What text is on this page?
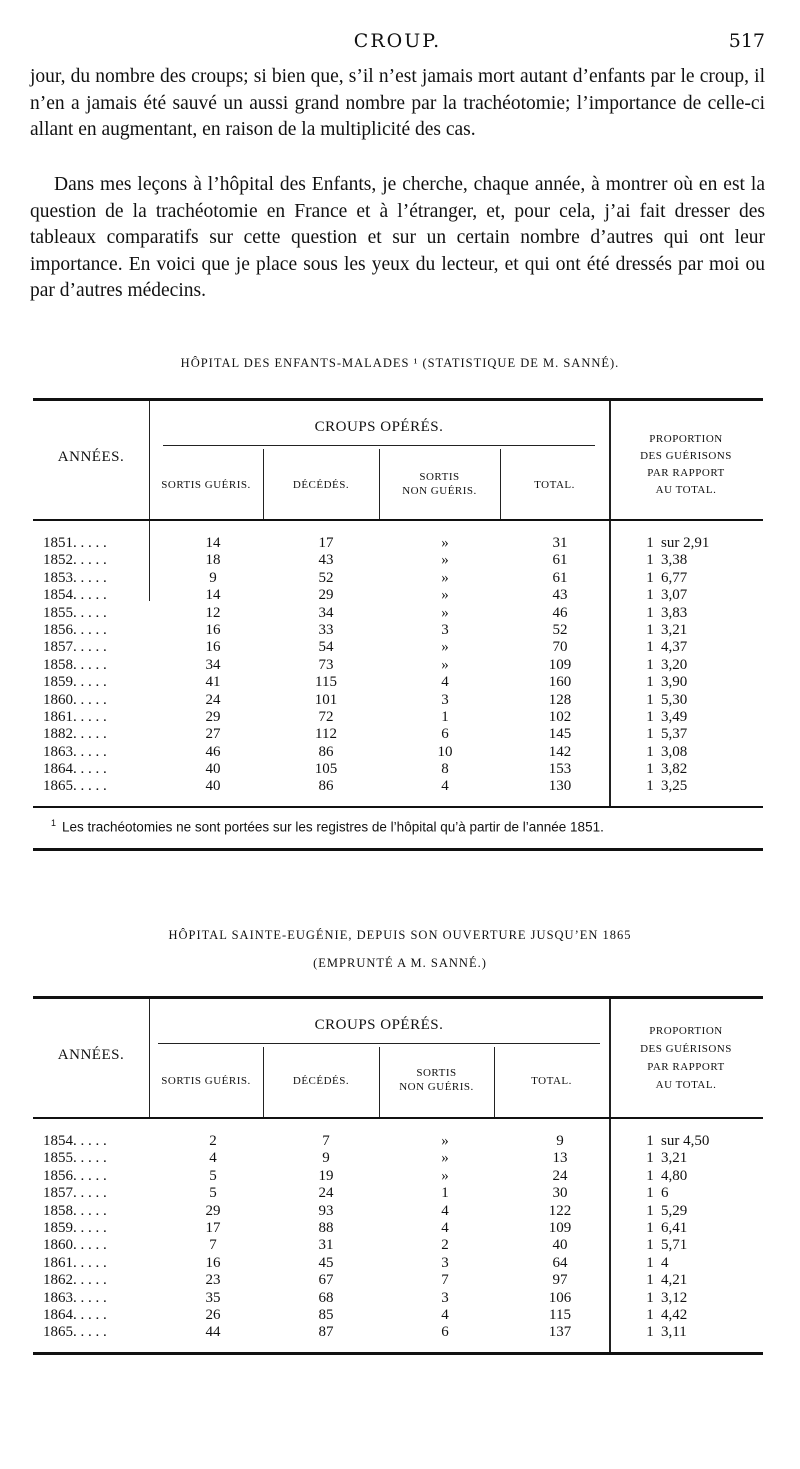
CROUP.	517
jour, du nombre des croups; si bien que, s’il n’est jamais mort autant d’enfants par le croup, il n’en a jamais été sauvé un aussi grand nombre par la trachéotomie; l’importance de celle-ci allant en augmentant, en raison de la multiplicité des cas.
Dans mes leçons à l’hôpital des Enfants, je cherche, chaque année, à montrer où en est la question de la trachéotomie en France et à l’étranger, et, pour cela, j’ai fait dresser des tableaux comparatifs sur cette question et sur un certain nombre d’autres qui ont leur importance. En voici que je place sous les yeux du lecteur, et qui ont été dressés par moi ou par d’autres médecins.
HÔPITAL DES ENFANTS-MALADES ¹ (STATISTIQUE DE M. SANNÉ).
ANNÉES.
CROUPS OPÉRÉS.
SORTIS GUÉRIS.	DÉCÉDÉS.
SORTIS
NON GUÉRIS.	TOTAL.
PROPORTION
DES GUÉRISONS
PAR RAPPORT
AU TOTAL.
1851. . . . .	14	17	»	31	1 sur 2,91
1852. . . . .	18	43	»	61	1 3,38
1853. . . . .	9	52	»	61	1 6,77
1854. . . . .	14	29	»	43	1 3,07
1855. . . . .	12	34	»	46	1 3,83
1856. . . . .	16	33	3	52	1 3,21
1857. . . . .	16	54	»	70	1 4,37
1858. . . . .	34	73	»	109	1 3,20
1859. . . . .	41	115	4	160	1 3,90
1860. . . . .	24	101	3	128	1 5,30
1861. . . . .	29	72	1	102	1 3,49
1882. . . . .	27	112	6	145	1 5,37
1863. . . . .	46	86	10	142	1 3,08
1864. . . . .	40	105	8	153	1 3,82
1865. . . . .	40	86	4	130	1 3,25
$^1$ Les trachéotomies ne sont portées sur les registres de l’hôpital qu’à partir de l’année 1851.
HÔPITAL SAINTE-EUGÉNIE, DEPUIS SON OUVERTURE JUSQU’EN 1865
(EMPRUNTÉ A M. SANNÉ.)
ANNÉES.
CROUPS OPÉRÉS.
SORTIS GUÉRIS.	DÉCÉDÉS.
SORTIS
NON GUÉRIS.	TOTAL.
PROPORTION
DES GUÉRISONS
PAR RAPPORT
AU TOTAL.
1854. . . . .	2	7	»	9	1 sur 4,50
1855. . . . .	4	9	»	13	1 3,21
1856. . . . .	5	19	»	24	1 4,80
1857. . . . .	5	24	1	30	1 6
1858. . . . .	29	93	4	122	1 5,29
1859. . . . .	17	88	4	109	1 6,41
1860. . . . .	7	31	2	40	1 5,71
1861. . . . .	16	45	3	64	1 4
1862. . . . .	23	67	7	97	1 4,21
1863. . . . .	35	68	3	106	1 3,12
1864. . . . .	26	85	4	115	1 4,42
1865. . . . .	44	87	6	137	1 3,11
